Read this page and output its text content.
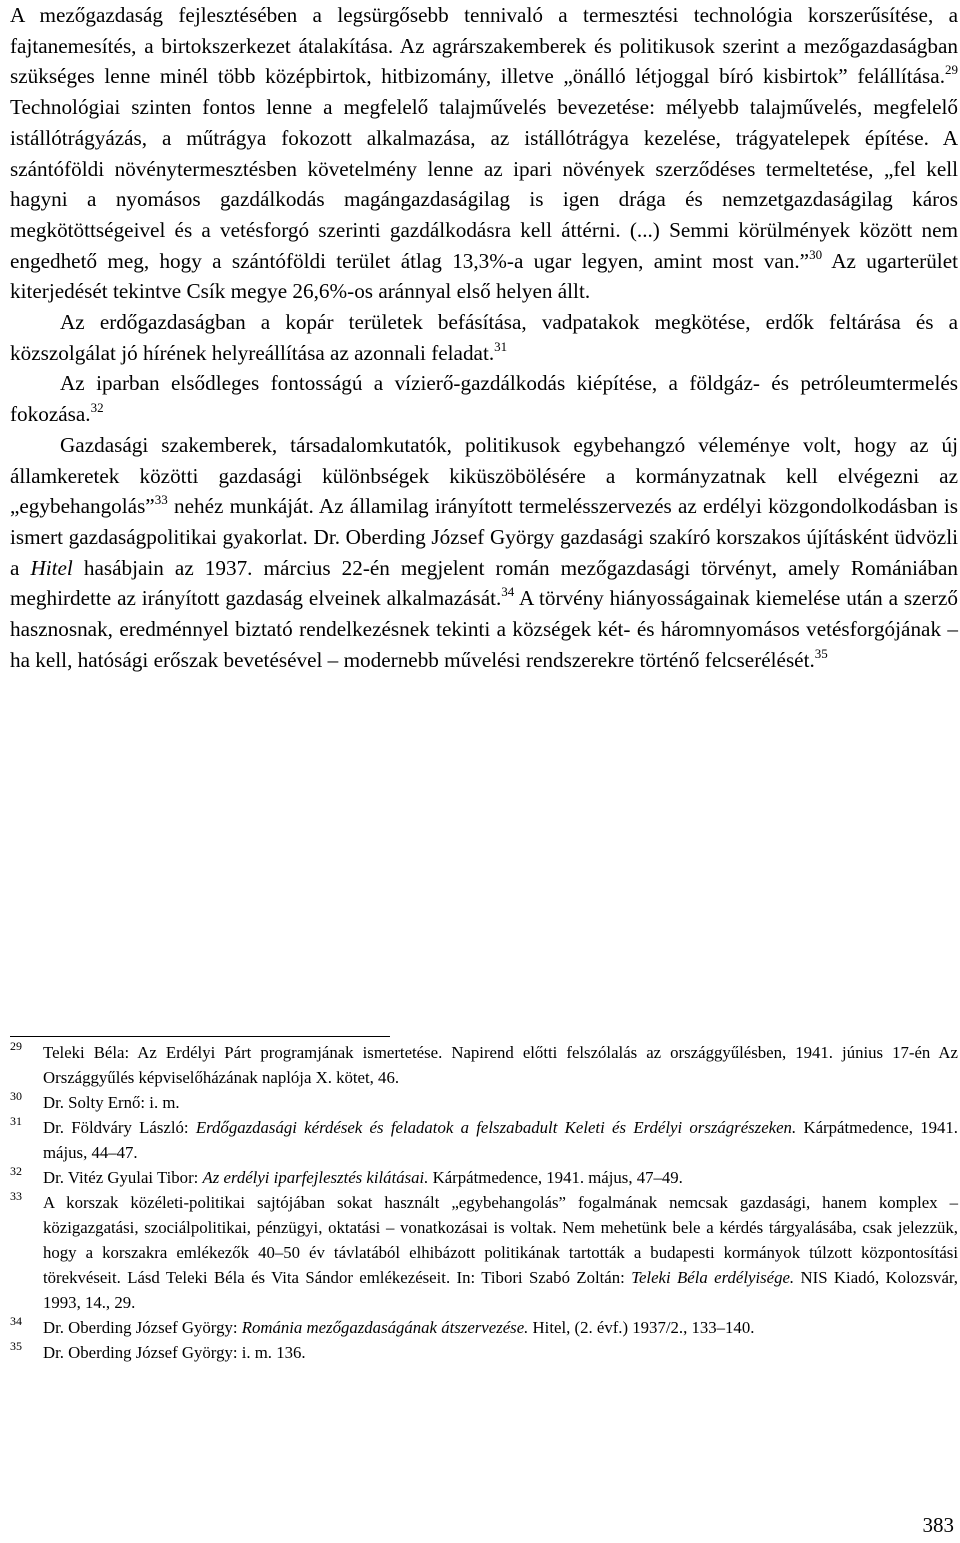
A mezőgazdaság fejlesztésében a legsürgősebb tennivaló a termesztési technológia korszerűsítése, a fajtanemesítés, a birtokszerkezet átalakítása. Az agrárszakemberek és politikusok szerint a mezőgazdaságban szükséges lenne minél több középbirtok, hitbizomány, illetve „önálló létjoggal bíró kisbirtok” felállítása.$^{29}$ Technológiai szinten fontos lenne a megfelelő talajművelés bevezetése: mélyebb talajművelés, megfelelő istállótrágyázás, a műtrágya fokozott alkalmazása, az istállótrágya kezelése, trágyatelepek építése. A szántóföldi növénytermesztésben követelmény lenne az ipari növények szerződéses termeltetése, „fel kell hagyni a nyomásos gazdálkodás magángazdaságilag is igen drága és nemzetgazdaságilag káros megkötöttségeivel és a vetésforgó szerinti gazdálkodásra kell áttérni. (...) Semmi körülmények között nem engedhető meg, hogy a szántóföldi terület átlag 13,3%-a ugar legyen, amint most van.”$^{30}$ Az ugarterület kiterjedését tekintve Csík megye 26,6%-os aránnyal első helyen állt.

Az erdőgazdaságban a kopár területek befásítása, vadpatakok megkötése, erdők feltárása és a közszolgálat jó hírének helyreállítása az azonnali feladat.$^{31}$

Az iparban elsődleges fontosságú a vízierő-gazdálkodás kiépítése, a földgáz- és petróleumtermelés fokozása.$^{32}$

Gazdasági szakemberek, társadalomkutatók, politikusok egybehangzó véleménye volt, hogy az új államkeretek közötti gazdasági különbségek kiküszöbölésére a kormányzatnak kell elvégezni az „egybehangolás”$^{33}$ nehéz munkáját. Az államilag irányított termelésszervezés az erdélyi közgondolkodásban is ismert gazdaságpolitikai gyakorlat. Dr. Oberding József György gazdasági szakíró korszakos újításként üdvözli a Hitel hasábjain az 1937. március 22-én megjelent román mezőgazdasági törvényt, amely Romániában meghirdette az irányított gazdaság elveinek alkalmazását.$^{34}$ A törvény hiányosságainak kiemelése után a szerző hasznosnak, eredménnyel biztató rendelkezésnek tekinti a községek két- és háromnyomásos vetésforgójának – ha kell, hatósági erőszak bevetésével – modernebb művelési rendszerekre történő felcserélését.$^{35}$

29 Teleki Béla: Az Erdélyi Párt programjának ismertetése. Napirend előtti felszólalás az országgyűlésben, 1941. június 17-én Az Országgyűlés képviselőházának naplója X. kötet, 46.

30 Dr. Solty Ernő: i. m.

31 Dr. Földváry László: Erdőgazdasági kérdések és feladatok a felszabadult Keleti és Erdélyi országrészeken. Kárpátmedence, 1941. május, 44–47.

32 Dr. Vitéz Gyulai Tibor: Az erdélyi iparfejlesztés kilátásai. Kárpátmedence, 1941. május, 47–49.

33 A korszak közéleti-politikai sajtójában sokat használt „egybehangolás” fogalmának nemcsak gazdasági, hanem komplex – közigazgatási, szociálpolitikai, pénzügyi, oktatási – vonatkozásai is voltak. Nem mehetünk bele a kérdés tárgyalásába, csak jelezzük, hogy a korszakra emlékezők 40–50 év távlatából elhibázott politikának tartották a budapesti kormányok túlzott központosítási törekvéseit. Lásd Teleki Béla és Vita Sándor emlékezéseit. In: Tibori Szabó Zoltán: Teleki Béla erdélyisége. NIS Kiadó, Kolozsvár, 1993, 14., 29.

34 Dr. Oberding József György: Románia mezőgazdaságának átszervezése. Hitel, (2. évf.) 1937/2., 133–140.

35 Dr. Oberding József György: i. m. 136.

383
